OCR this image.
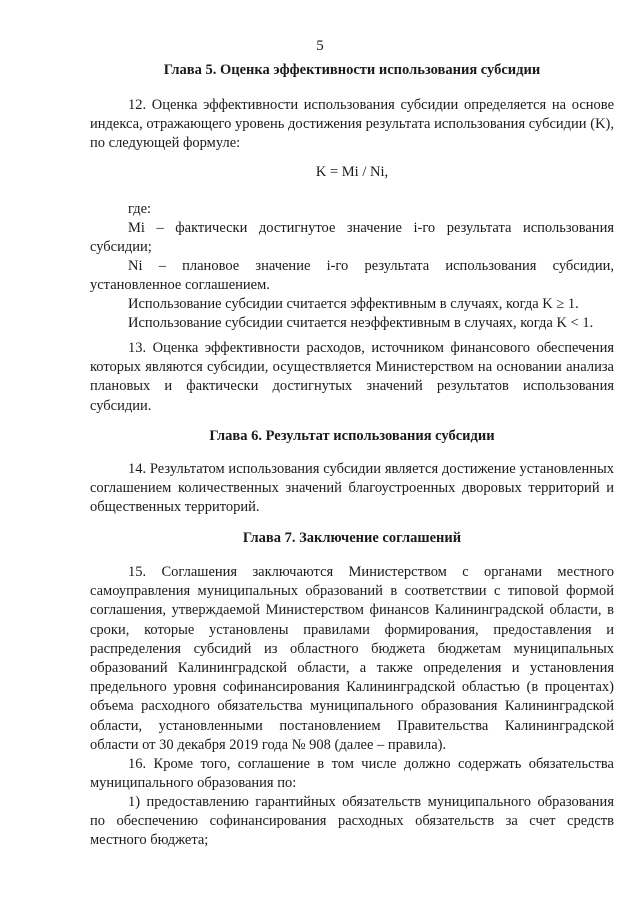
5
Глава 5. Оценка эффективности использования субсидии
12. Оценка эффективности использования субсидии определяется на основе индекса, отражающего уровень достижения результата использования субсидии (K), по следующей формуле:
K = Mi / Ni,
где:
Mi – фактически достигнутое значение i-го результата использования субсидии;
Ni – плановое значение i-го результата использования субсидии, установленное соглашением.
Использование субсидии считается эффективным в случаях, когда K ≥ 1.
Использование субсидии считается неэффективным в случаях, когда K < 1.
13. Оценка эффективности расходов, источником финансового обеспечения которых являются субсидии, осуществляется Министерством на основании анализа плановых и фактически достигнутых значений результатов использования субсидии.
Глава 6. Результат использования субсидии
14. Результатом использования субсидии является достижение установленных соглашением количественных значений благоустроенных дворовых территорий и общественных территорий.
Глава 7. Заключение соглашений
15. Соглашения заключаются Министерством с органами местного самоуправления муниципальных образований в соответствии с типовой формой соглашения, утверждаемой Министерством финансов Калининградской области, в сроки, которые установлены правилами формирования, предоставления и распределения субсидий из областного бюджета бюджетам муниципальных образований Калининградской области, а также определения и установления предельного уровня софинансирования Калининградской областью (в процентах) объема расходного обязательства муниципального образования Калининградской области, установленными постановлением Правительства Калининградской области от 30 декабря 2019 года № 908 (далее – правила).
16. Кроме того, соглашение в том числе должно содержать обязательства муниципального образования по:
1) предоставлению гарантийных обязательств муниципального образования по обеспечению софинансирования расходных обязательств за счет средств местного бюджета;
